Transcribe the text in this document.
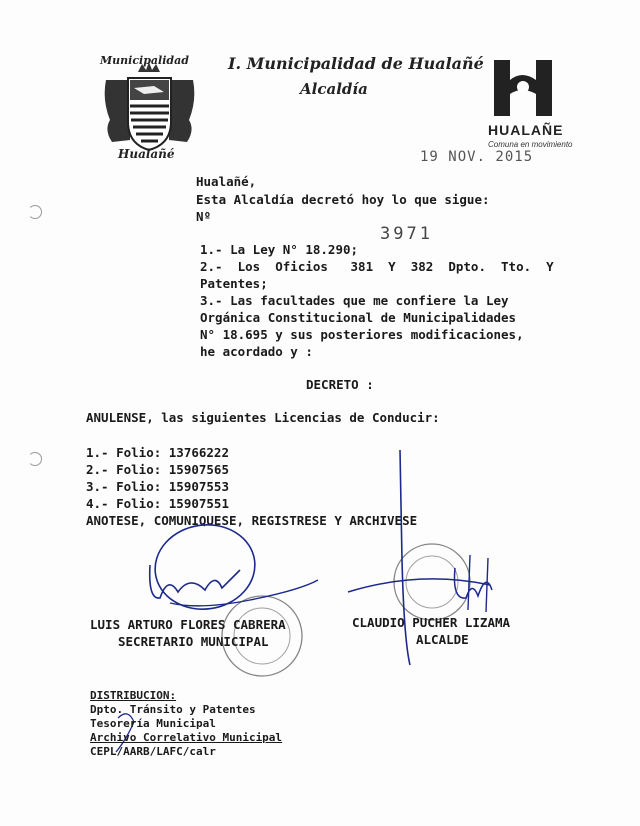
Municipalidad
Hualañé
I. Municipalidad de Hualañé
Alcaldía
HUALAÑE
Comuna en movimiento
19 NOV. 2015
Hualañé,
Esta Alcaldía decretó hoy lo que sigue:
Nº
3971
1.- La Ley N° 18.290;
2.-  Los  Oficios   381  Y  382  Dpto.  Tto.  Y
Patentes;
3.- Las facultades que me confiere la Ley
Orgánica Constitucional de Municipalidades
N° 18.695 y sus posteriores modificaciones,
he acordado y :
DECRETO :
ANULENSE, las siguientes Licencias de Conducir:
1.- Folio: 13766222
2.- Folio: 15907565
3.- Folio: 15907553
4.- Folio: 15907551
ANOTESE, COMUNIQUESE, REGISTRESE Y ARCHIVESE
LUIS ARTURO FLORES CABRERA
SECRETARIO MUNICIPAL
CLAUDIO PUCHER LIZAMA
ALCALDE
DISTRIBUCION:
Dpto. Tránsito y Patentes
Tesorería Municipal
Archivo Correlativo Municipal
CEPL/AARB/LAFC/calr
